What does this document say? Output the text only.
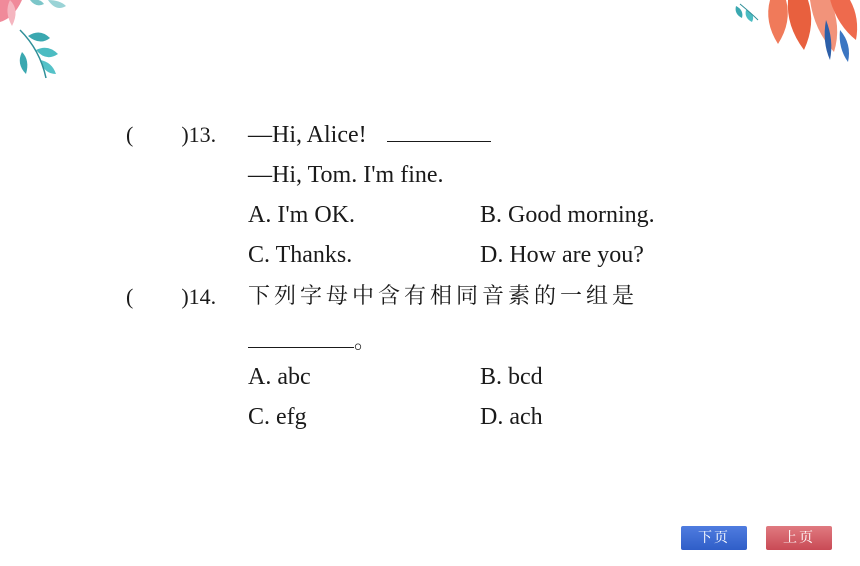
( )13. —Hi, Alice!
—Hi, Tom. I'm fine.
A. I'm OK.	B. Good morning.
C. Thanks.	D. How are you?
( )14. 下列字母中含有相同音素的一组是
。
A. abc	B. bcd
C. efg	D. ach
下页	上页
